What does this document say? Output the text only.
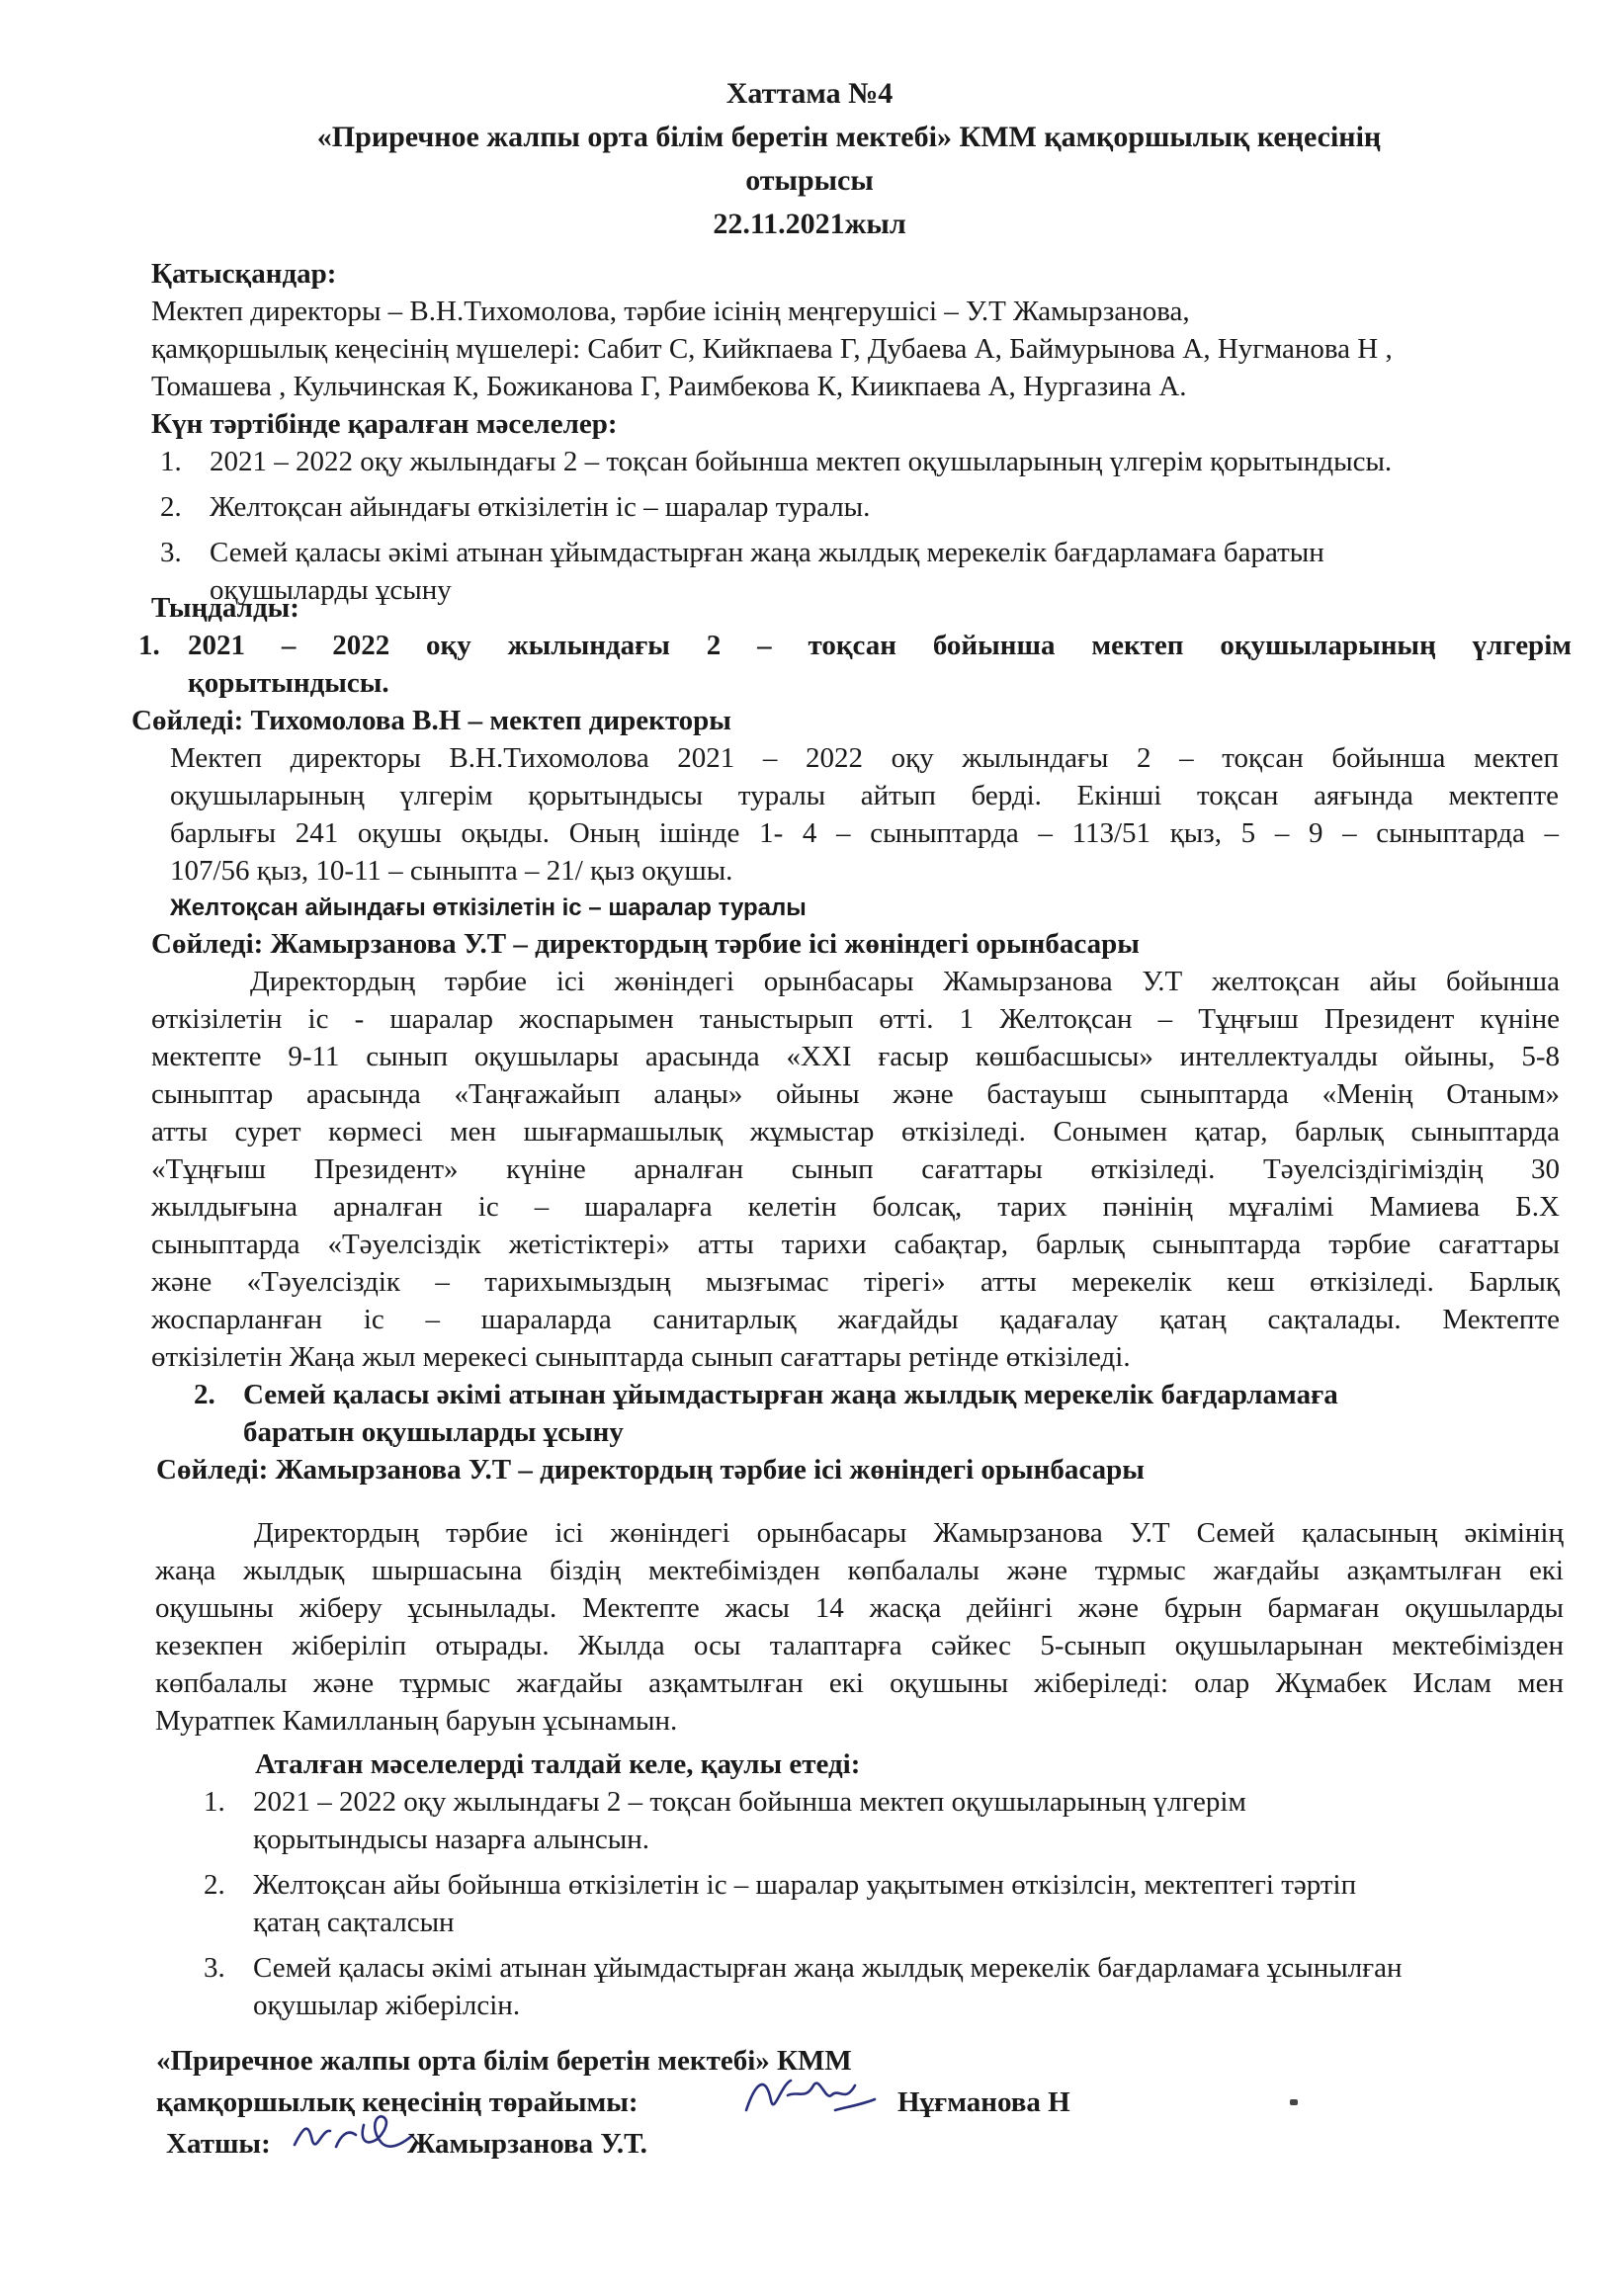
Хаттама №4
«Приречное жалпы орта білім беретін мектебі» КММ қамқоршылық кеңесінің
отырысы
22.11.2021жыл
Қатысқандар:
Мектеп директоры – В.Н.Тихомолова, тәрбие ісінің меңгерушісі – У.Т Жамырзанова,
қамқоршылық кеңесінің мүшелері: Сабит С, Кийкпаева Г, Дубаева А, Баймурынова А, Нугманова Н ,
Томашева , Кульчинская К, Божиканова Г, Раимбекова К, Киикпаева А, Нургазина А.
Күн тәртібінде қаралған мәселелер:
1. 2021 – 2022 оқу жылындағы 2 – тоқсан бойынша мектеп оқушыларының үлгерім қорытындысы.
2. Желтоқсан айындағы өткізілетін іс – шаралар туралы.
3. Семей қаласы әкімі атынан ұйымдастырған жаңа жылдық мерекелік бағдарламаға баратын оқушыларды ұсыну
Тыңдалды:
1. 2021 – 2022 оқу жылындағы 2 – тоқсан бойынша мектеп оқушыларының үлгерім

қорытындысы.
Сөйледі: Тихомолова В.Н – мектеп директоры

Мектеп директоры В.Н.Тихомолова 2021 – 2022 оқу жылындағы 2 – тоқсан бойынша мектеп

оқушыларының үлгерім қорытындысы туралы айтып берді. Екінші тоқсан аяғында мектепте

барлығы 241 оқушы оқыды. Оның ішінде 1- 4 – сыныптарда – 113/51 қыз, 5 – 9 – сыныптарда –

107/56 қыз, 10-11 – сыныпта – 21/ қыз оқушы.

Желтоқсан айындағы өткізілетін іс – шаралар туралы
Сөйледі: Жамырзанова У.Т – директордың тәрбие ісі жөніндегі орынбасары

Директордың тәрбие ісі жөніндегі орынбасары Жамырзанова У.Т желтоқсан айы бойынша

өткізілетін іс - шаралар жоспарымен таныстырып өтті. 1 Желтоқсан – Тұңғыш Президент күніне

мектепте 9-11 сынып оқушылары арасында «XXI ғасыр көшбасшысы» интеллектуалды ойыны, 5-8

сыныптар арасында «Таңғажайып алаңы» ойыны және бастауыш сыныптарда «Менің Отаным»

атты сурет көрмесі мен шығармашылық жұмыстар өткізіледі. Сонымен қатар, барлық сыныптарда

«Тұңғыш Президент» күніне арналған сынып сағаттары өткізіледі. Тәуелсіздігіміздің 30

жылдығына арналған іс – шараларға келетін болсақ, тарих пәнінің мұғалімі Мамиева Б.Х

сыныптарда «Тәуелсіздік жетістіктері» атты тарихи сабақтар, барлық сыныптарда тәрбие сағаттары

және «Тәуелсіздік – тарихымыздың мызғымас тірегі» атты мерекелік кеш өткізіледі. Барлық

жоспарланған іс – шараларда санитарлық жағдайды қадағалау қатаң сақталады. Мектепте

өткізілетін Жаңа жыл мерекесі сыныптарда сынып сағаттары ретінде өткізіледі.

2. Семей қаласы әкімі атынан ұйымдастырған жаңа жылдық мерекелік бағдарламаға
баратын оқушыларды ұсыну
Сөйледі: Жамырзанова У.Т – директордың тәрбие ісі жөніндегі орынбасары

Директордың тәрбие ісі жөніндегі орынбасары Жамырзанова У.Т Семей қаласының әкімінің

жаңа жылдық шыршасына біздің мектебімізден көпбалалы және тұрмыс жағдайы азқамтылған екі

оқушыны жіберу ұсынылады. Мектепте жасы 14 жасқа дейінгі және бұрын бармаған оқушыларды

кезекпен жіберіліп отырады. Жылда осы талаптарға сәйкес 5-сынып оқушыларынан мектебімізден

көпбалалы және тұрмыс жағдайы азқамтылған екі оқушыны жіберіледі: олар Жұмабек Ислам мен

Муратпек Камилланың баруын ұсынамын.

Аталған мәселелерді талдай келе, қаулы етеді:
1. 2021 – 2022 оқу жылындағы 2 – тоқсан бойынша мектеп оқушыларының үлгерім
қорытындысы назарға алынсын.
2. Желтоқсан айы бойынша өткізілетін іс – шаралар уақытымен өткізілсін, мектептегі тәртіп
қатаң сақталсын
3. Семей қаласы әкімі атынан ұйымдастырған жаңа жылдық мерекелік бағдарламаға ұсынылған
оқушылар жіберілсін.
«Приречное жалпы орта білім беретін мектебі» КММ
қамқоршылық кеңесінің төрайымы:	Нұғманова Н
Хатшы:	Жамырзанова У.Т.
